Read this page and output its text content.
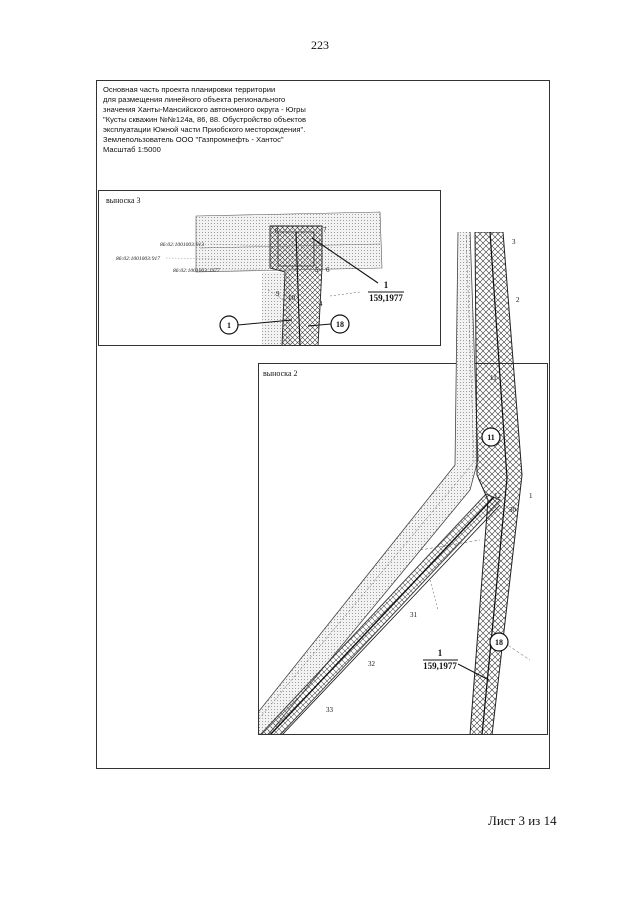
223
Основная часть проекта планировки территории
для размещения линейного объекта регионального
значения Ханты-Мансийского автономного округа - Югры
"Кусты скважин №№124а, 86, 88. Обустройство объектов
эксплуатации Южной части Приобского месторождения".
Землепользователь ООО "Газпромнефть - Хантос"
Масштаб 1:5000
выноска 2
3
2
11
12
30
1
31
32
33
11
18
1
159,1977
выноска 3
7
8
5 6
9 10
4
86:02:1001003:913
86:02:1001003:917
86:02:1001003:1977
1	18
1
159,1977
Лист 3 из 14
